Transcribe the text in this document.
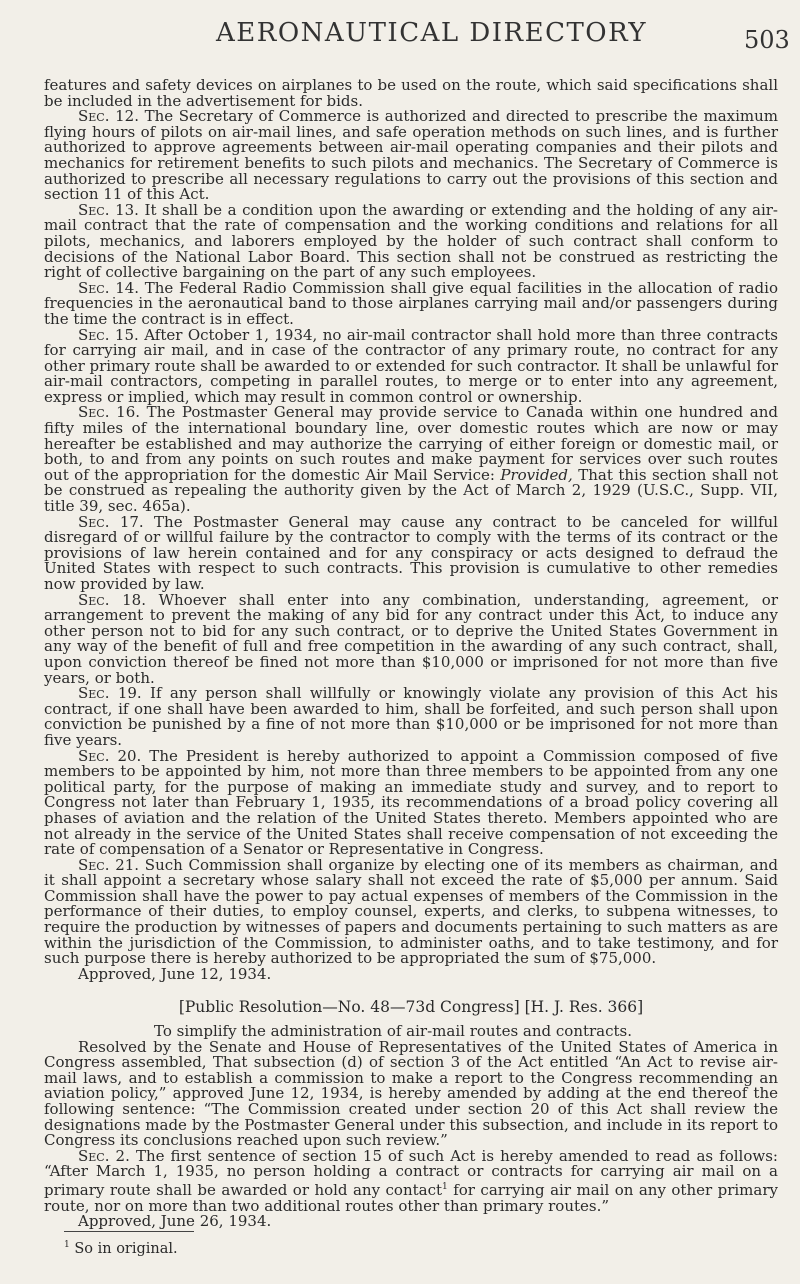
AERONAUTICAL DIRECTORY	503

features and safety devices on airplanes to be used on the route, which said specifications shall be included in the advertisement for bids.

Sec. 12. The Secretary of Commerce is authorized and directed to prescribe the maximum flying hours of pilots on air-mail lines, and safe operation methods on such lines, and is further authorized to approve agreements between air-mail operating companies and their pilots and mechanics for retirement benefits to such pilots and mechanics. The Secretary of Commerce is authorized to prescribe all necessary regulations to carry out the provisions of this section and section 11 of this Act.

Sec. 13. It shall be a condition upon the awarding or extending and the holding of any air-mail contract that the rate of compensation and the working conditions and relations for all pilots, mechanics, and laborers employed by the holder of such contract shall conform to decisions of the National Labor Board. This section shall not be construed as restricting the right of collective bargaining on the part of any such employees.

Sec. 14. The Federal Radio Commission shall give equal facilities in the allocation of radio frequencies in the aeronautical band to those airplanes carrying mail and/or passengers during the time the contract is in effect.

Sec. 15. After October 1, 1934, no air-mail contractor shall hold more than three contracts for carrying air mail, and in case of the contractor of any primary route, no contract for any other primary route shall be awarded to or extended for such contractor. It shall be unlawful for air-mail contractors, competing in parallel routes, to merge or to enter into any agreement, express or implied, which may result in common control or ownership.

Sec. 16. The Postmaster General may provide service to Canada within one hundred and fifty miles of the international boundary line, over domestic routes which are now or may hereafter be established and may authorize the carrying of either foreign or domestic mail, or both, to and from any points on such routes and make payment for services over such routes out of the appropriation for the domestic Air Mail Service: Provided, That this section shall not be construed as repealing the authority given by the Act of March 2, 1929 (U.S.C., Supp. VII, title 39, sec. 465a).

Sec. 17. The Postmaster General may cause any contract to be canceled for willful disregard of or willful failure by the contractor to comply with the terms of its contract or the provisions of law herein contained and for any conspiracy or acts designed to defraud the United States with respect to such contracts. This provision is cumulative to other remedies now provided by law.

Sec. 18. Whoever shall enter into any combination, understanding, agreement, or arrangement to prevent the making of any bid for any contract under this Act, to induce any other person not to bid for any such contract, or to deprive the United States Government in any way of the benefit of full and free competition in the awarding of any such contract, shall, upon conviction thereof be fined not more than $10,000 or imprisoned for not more than five years, or both.

Sec. 19. If any person shall willfully or knowingly violate any provision of this Act his contract, if one shall have been awarded to him, shall be forfeited, and such person shall upon conviction be punished by a fine of not more than $10,000 or be imprisoned for not more than five years.

Sec. 20. The President is hereby authorized to appoint a Commission composed of five members to be appointed by him, not more than three members to be appointed from any one political party, for the purpose of making an immediate study and survey, and to report to Congress not later than February 1, 1935, its recommendations of a broad policy covering all phases of aviation and the relation of the United States thereto. Members appointed who are not already in the service of the United States shall receive compensation of not exceeding the rate of compensation of a Senator or Representative in Congress.

Sec. 21. Such Commission shall organize by electing one of its members as chairman, and it shall appoint a secretary whose salary shall not exceed the rate of $5,000 per annum. Said Commission shall have the power to pay actual expenses of members of the Commission in the performance of their duties, to employ counsel, experts, and clerks, to subpena witnesses, to require the production by witnesses of papers and documents pertaining to such matters as are within the jurisdiction of the Commission, to administer oaths, and to take testimony, and for such purpose there is hereby authorized to be appropriated the sum of $75,000.

Approved, June 12, 1934.

[Public Resolution—No. 48—73d Congress] [H. J. Res. 366]

To simplify the administration of air-mail routes and contracts.

Resolved by the Senate and House of Representatives of the United States of America in Congress assembled, That subsection (d) of section 3 of the Act entitled “An Act to revise air-mail laws, and to establish a commission to make a report to the Congress recommending an aviation policy,” approved June 12, 1934, is hereby amended by adding at the end thereof the following sentence: “The Commission created under section 20 of this Act shall review the designations made by the Postmaster General under this subsection, and include in its report to Congress its conclusions reached upon such review.”

Sec. 2. The first sentence of section 15 of such Act is hereby amended to read as follows: “After March 1, 1935, no person holding a contract or contracts for carrying air mail on a primary route shall be awarded or hold any contact$^1$ for carrying air mail on any other primary route, nor on more than two additional routes other than primary routes.”

Approved, June 26, 1934.

$^1$ So in original.
